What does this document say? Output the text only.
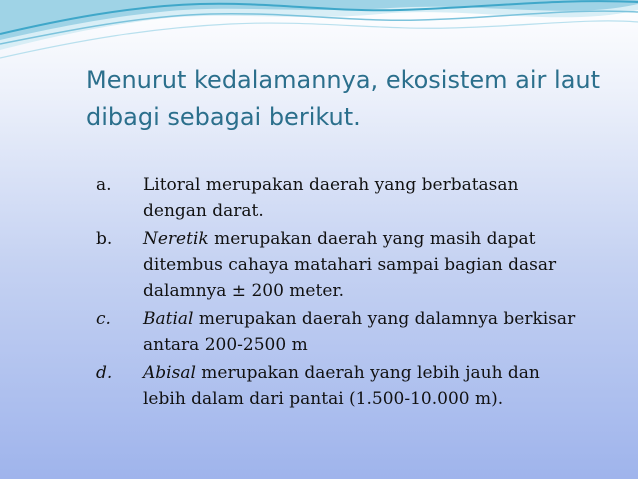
Menurut kedalamannya, ekosistem air laut dibagi sebagai berikut.
a.	Litoral merupakan daerah yang berbatasan dengan darat.
b.	Neretik merupakan daerah yang masih dapat ditembus cahaya matahari sampai bagian dasar dalamnya ± 200 meter.
c.	Batial merupakan daerah yang dalamnya berkisar antara 200-2500 m
d.	Abisal merupakan daerah yang lebih jauh dan lebih dalam dari pantai (1.500-10.000 m).
